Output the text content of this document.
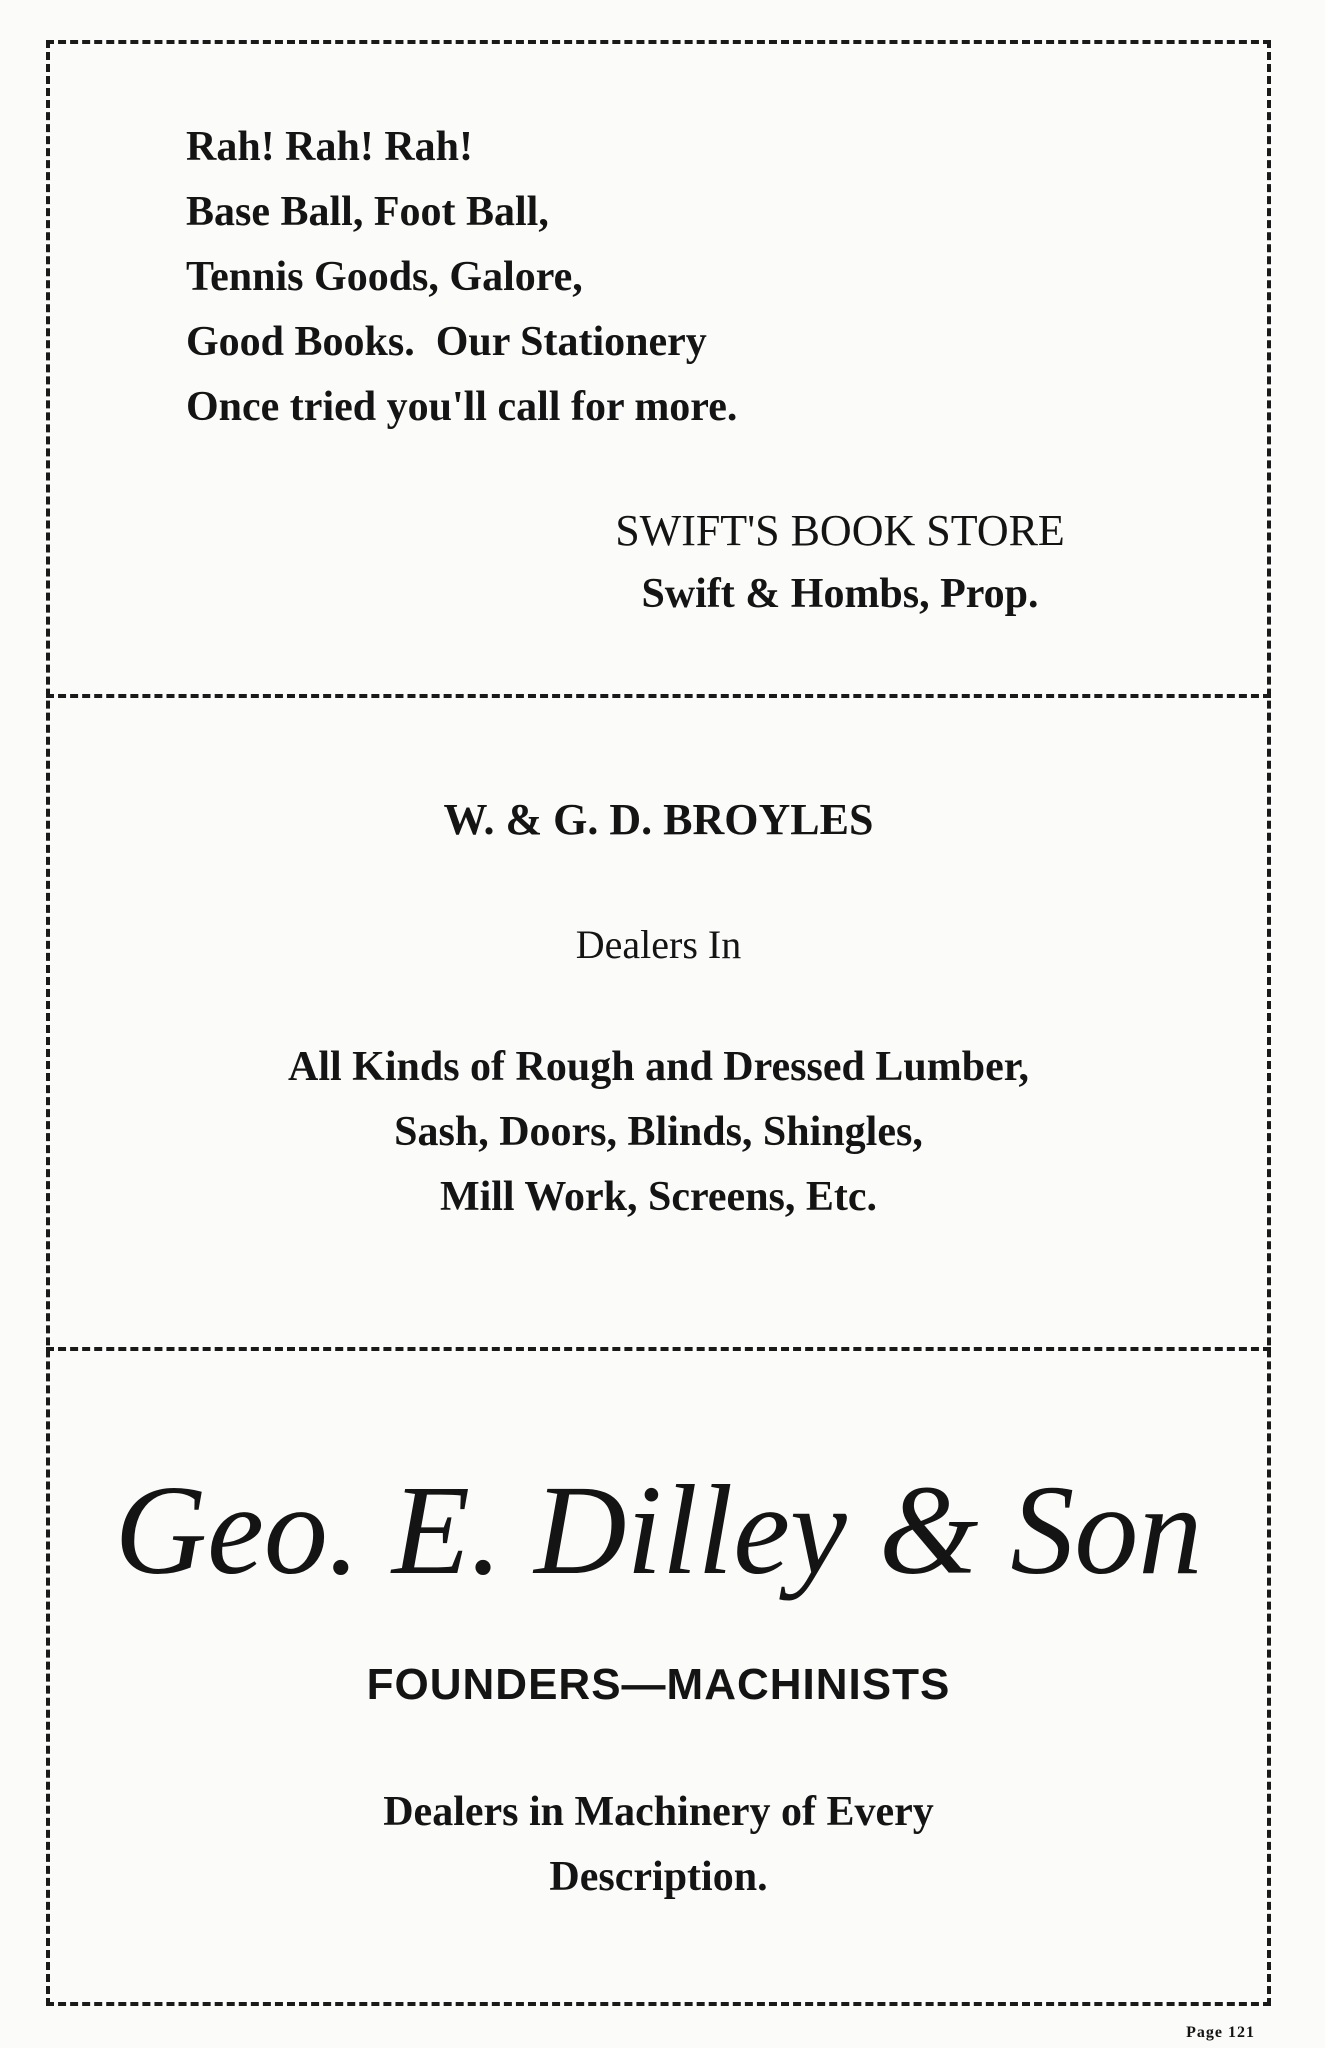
Rah! Rah! Rah!
Base Ball, Foot Ball,
Tennis Goods, Galore,
Good Books.  Our Stationery
Once tried you'll call for more.
SWIFT'S BOOK STORE
Swift & Hombs, Prop.
W. & G. D. BROYLES
Dealers In
All Kinds of Rough and Dressed Lumber,
Sash, Doors, Blinds, Shingles,
Mill Work, Screens, Etc.
Geo. E. Dilley & Son
FOUNDERS—MACHINISTS
Dealers in Machinery of Every
Description.
Page 121
